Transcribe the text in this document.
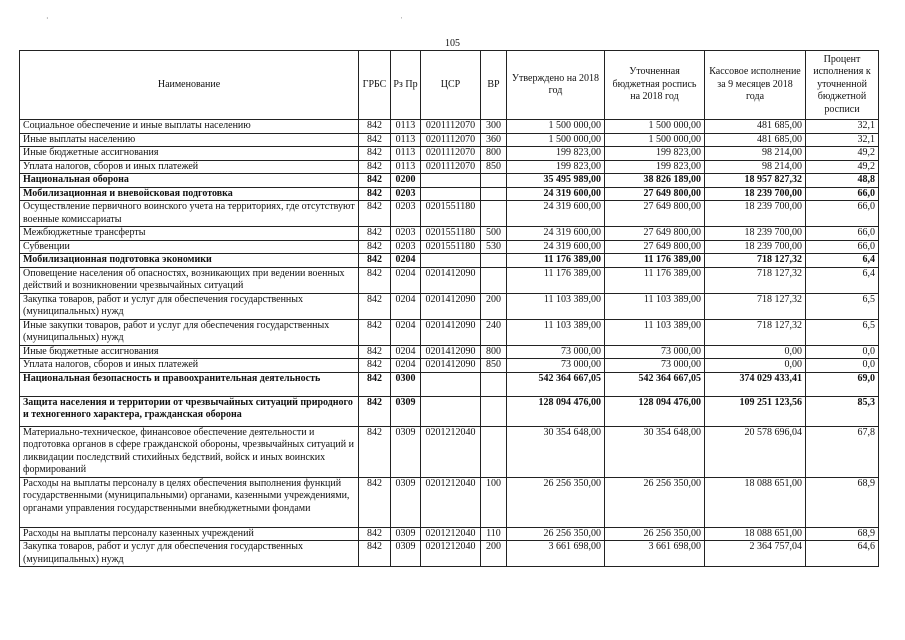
·	ˈ
105
Наименование	ГРБС	Рз Пр	ЦСР	ВР	Утверждено на 2018 год	Уточненная бюджетная роспись на 2018 год	Кассовое исполнение за 9 месяцев 2018 года	Процент исполнения к уточненной бюджетной росписи
Социальное обеспечение и иные выплаты населению	842	0113	0201112070	300	1 500 000,00	1 500 000,00	481 685,00	32,1
Иные выплаты населению	842	0113	0201112070	360	1 500 000,00	1 500 000,00	481 685,00	32,1
Иные бюджетные ассигнования	842	0113	0201112070	800	199 823,00	199 823,00	98 214,00	49,2
Уплата налогов, сборов и иных платежей	842	0113	0201112070	850	199 823,00	199 823,00	98 214,00	49,2
Национальная оборона	842	0200			35 495 989,00	38 826 189,00	18 957 827,32	48,8
Мобилизационная и вневойсковая подготовка	842	0203			24 319 600,00	27 649 800,00	18 239 700,00	66,0
Осуществление первичного воинского учета на территориях, где отсутствуют военные комиссариаты	842	0203	0201551180		24 319 600,00	27 649 800,00	18 239 700,00	66,0
Межбюджетные трансферты	842	0203	0201551180	500	24 319 600,00	27 649 800,00	18 239 700,00	66,0
Субвенции	842	0203	0201551180	530	24 319 600,00	27 649 800,00	18 239 700,00	66,0
Мобилизационная подготовка экономики	842	0204			11 176 389,00	11 176 389,00	718 127,32	6,4
Оповещение населения об опасностях, возникающих при ведении военных действий и возникновении чрезвычайных ситуаций	842	0204	0201412090		11 176 389,00	11 176 389,00	718 127,32	6,4
Закупка товаров, работ и услуг для обеспечения государственных (муниципальных) нужд	842	0204	0201412090	200	11 103 389,00	11 103 389,00	718 127,32	6,5
Иные закупки товаров, работ и услуг для обеспечения государственных (муниципальных) нужд	842	0204	0201412090	240	11 103 389,00	11 103 389,00	718 127,32	6,5
Иные бюджетные ассигнования	842	0204	0201412090	800	73 000,00	73 000,00	0,00	0,0
Уплата налогов, сборов и иных платежей	842	0204	0201412090	850	73 000,00	73 000,00	0,00	0,0
Национальная безопасность и правоохранительная деятельность	842	0300			542 364 667,05	542 364 667,05	374 029 433,41	69,0
Защита населения и территории от чрезвычайных ситуаций природного и техногенного характера, гражданская оборона	842	0309			128 094 476,00	128 094 476,00	109 251 123,56	85,3
Материально-техническое, финансовое обеспечение деятельности и подготовка органов в сфере гражданской обороны, чрезвычайных ситуаций и ликвидации последствий стихийных бедствий, войск и иных воинских формирований	842	0309	0201212040		30 354 648,00	30 354 648,00	20 578 696,04	67,8
Расходы на выплаты персоналу в целях обеспечения выполнения функций государственными (муниципальными) органами, казенными учреждениями, органами управления государственными внебюджетными фондами	842	0309	0201212040	100	26 256 350,00	26 256 350,00	18 088 651,00	68,9
Расходы на выплаты персоналу казенных учреждений	842	0309	0201212040	110	26 256 350,00	26 256 350,00	18 088 651,00	68,9
Закупка товаров, работ и услуг для обеспечения государственных (муниципальных) нужд	842	0309	0201212040	200	3 661 698,00	3 661 698,00	2 364 757,04	64,6
